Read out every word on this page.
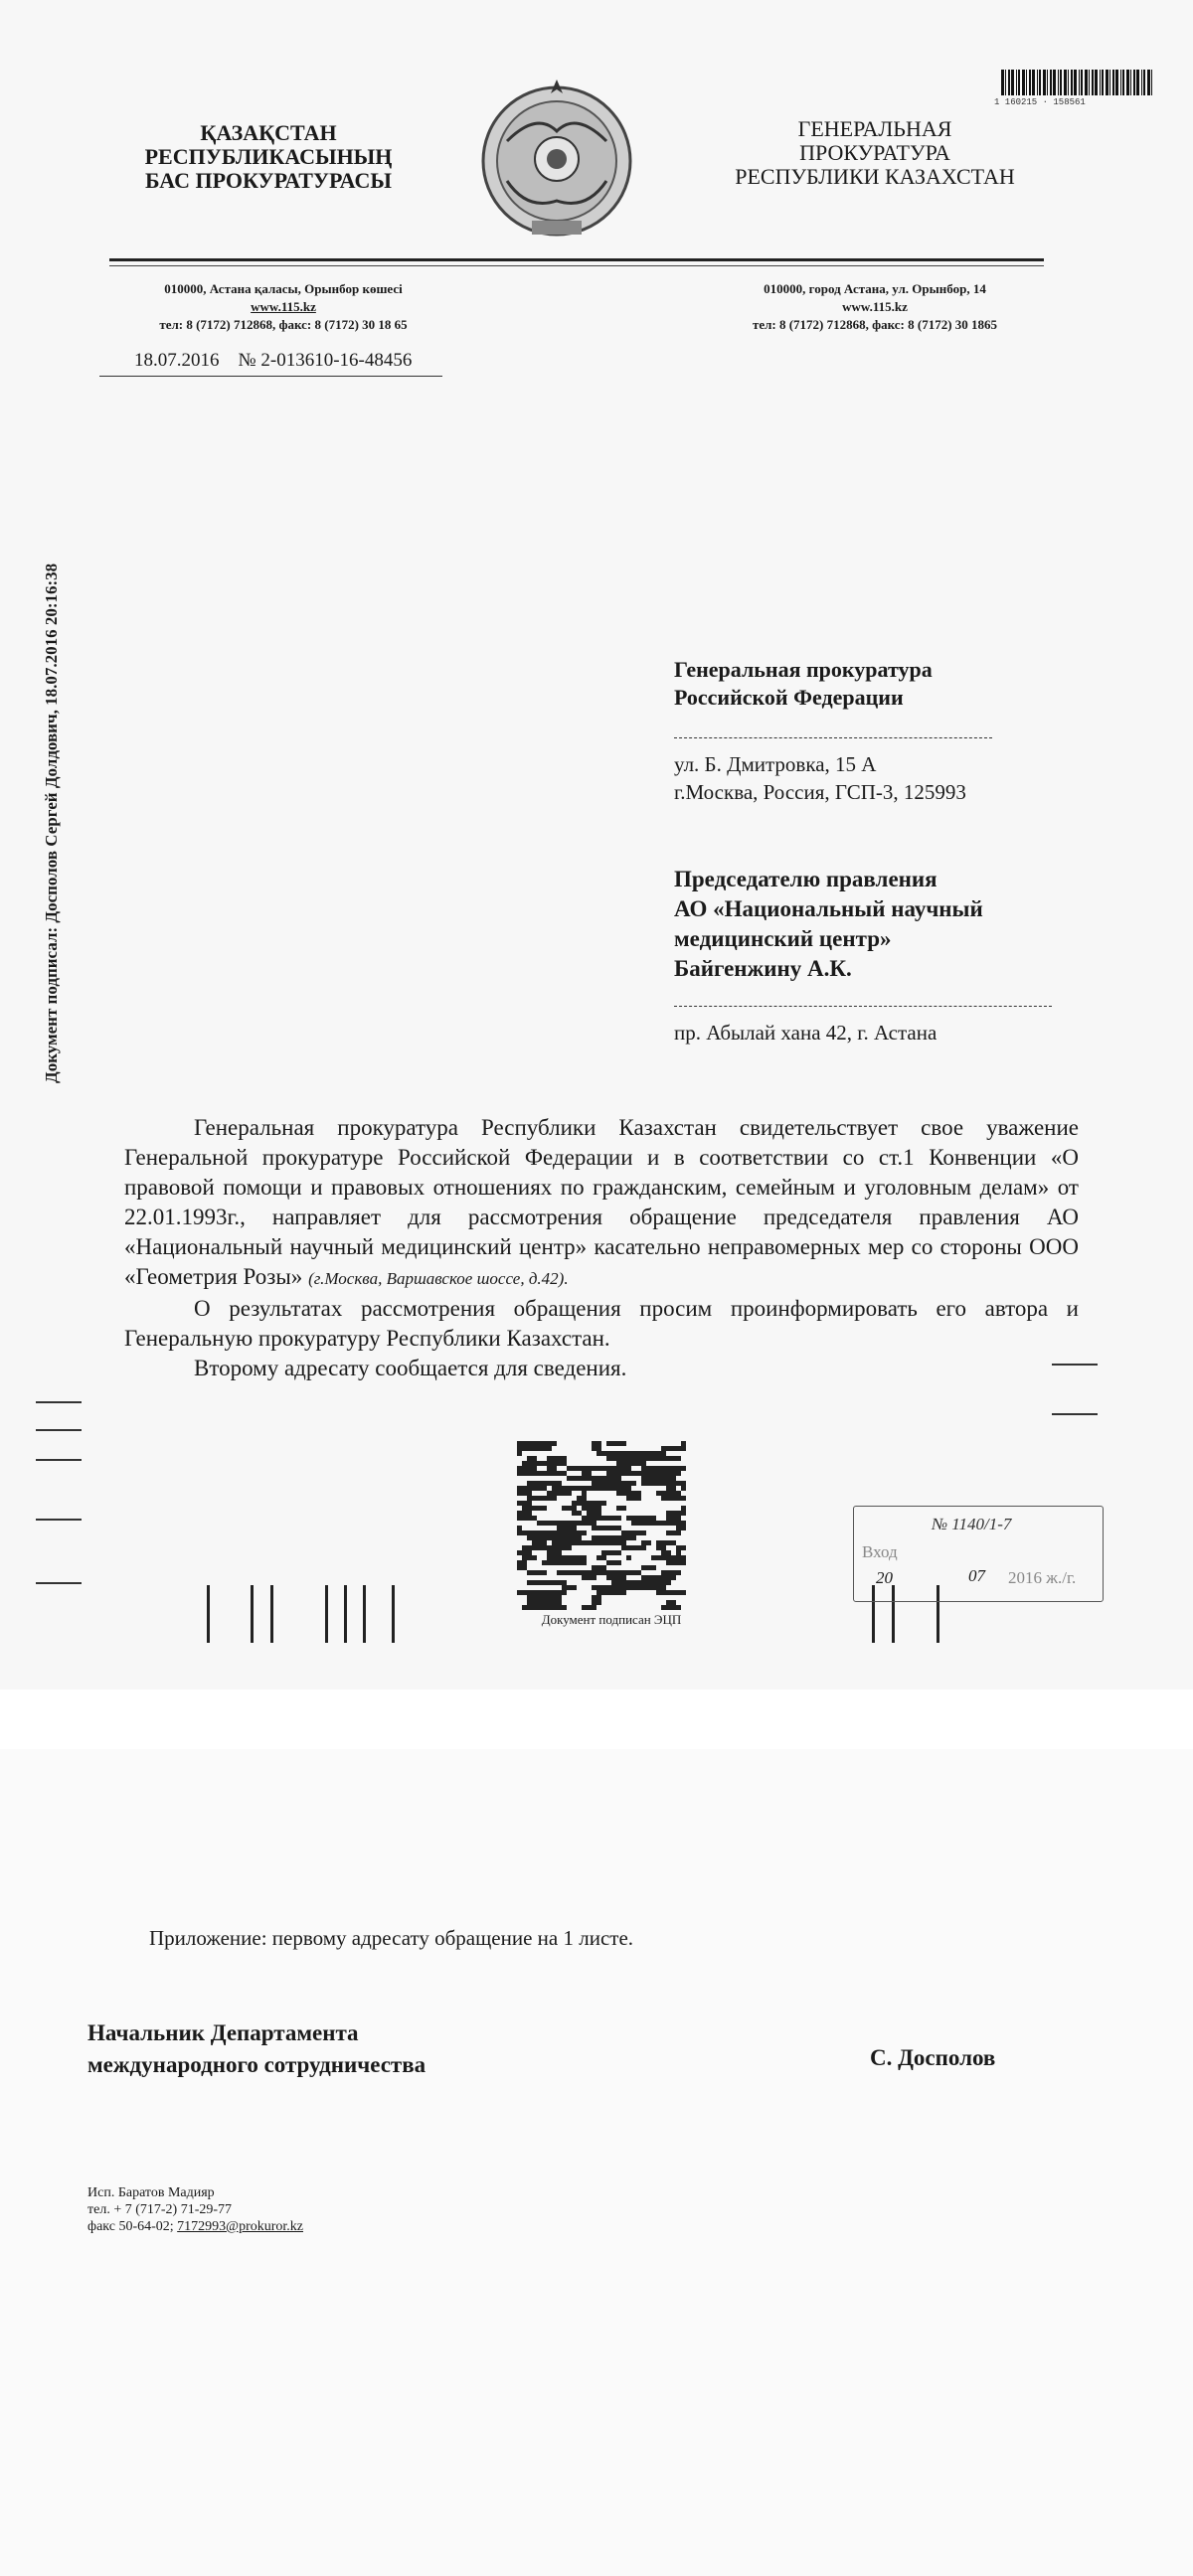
ҚАЗАҚСТАН
РЕСПУБЛИКАСЫНЫҢ
БАС ПРОКУРАТУРАСЫ
ГЕНЕРАЛЬНАЯ
ПРОКУРАТУРА
РЕСПУБЛИКИ КАЗАХСТАН
1 160215 · 158561
010000, Астана қаласы, Орынбор көшесі
www.115.kz
тел: 8 (7172) 712868, факс: 8 (7172) 30 18 65
010000, город Астана, ул. Орынбор, 14
www.115.kz
тел: 8 (7172) 712868, факс: 8 (7172) 30 1865
18.07.2016 № 2-013610-16-48456
Документ подписал: Досполов Сергей Долдович, 18.07.2016 20:16:38	Генеральная прокуратура
Российской Федерации
ул. Б. Дмитровка, 15 А
г.Москва, Россия, ГСП-3, 125993
Председателю правления
АО «Национальный научный
медицинский центр»
Байгенжину А.К.
пр. Абылай хана 42, г. Астана

Генеральная прокуратура Республики Казахстан свидетельствует свое уважение Генеральной прокуратуре Российской Федерации и в соответствии со ст.1 Конвенции «О правовой помощи и правовых отношениях по гражданским, семейным и уголовным делам» от 22.01.1993г., направляет для рассмотрения обращение председателя правления АО «Национальный научный медицинский центр» касательно неправомерных мер со стороны ООО «Геометрия Розы» (г.Москва, Варшавское шоссе, д.42).

О результатах рассмотрения обращения просим проинформировать его автора и Генеральную прокуратуру Республики Казахстан.

Второму адресату сообщается для сведения.

Документ подписан ЭЦП
Вход
№ 1140/1-7
20	07 2016 ж./г.
Приложение: первому адресату обращение на 1 листе.
Начальник Департамента
международного сотрудничества	С. Досполов
Исп. Баратов Мадияр
тел. + 7 (717-2) 71-29-77
факс 50-64-02; 7172993@prokuror.kz
